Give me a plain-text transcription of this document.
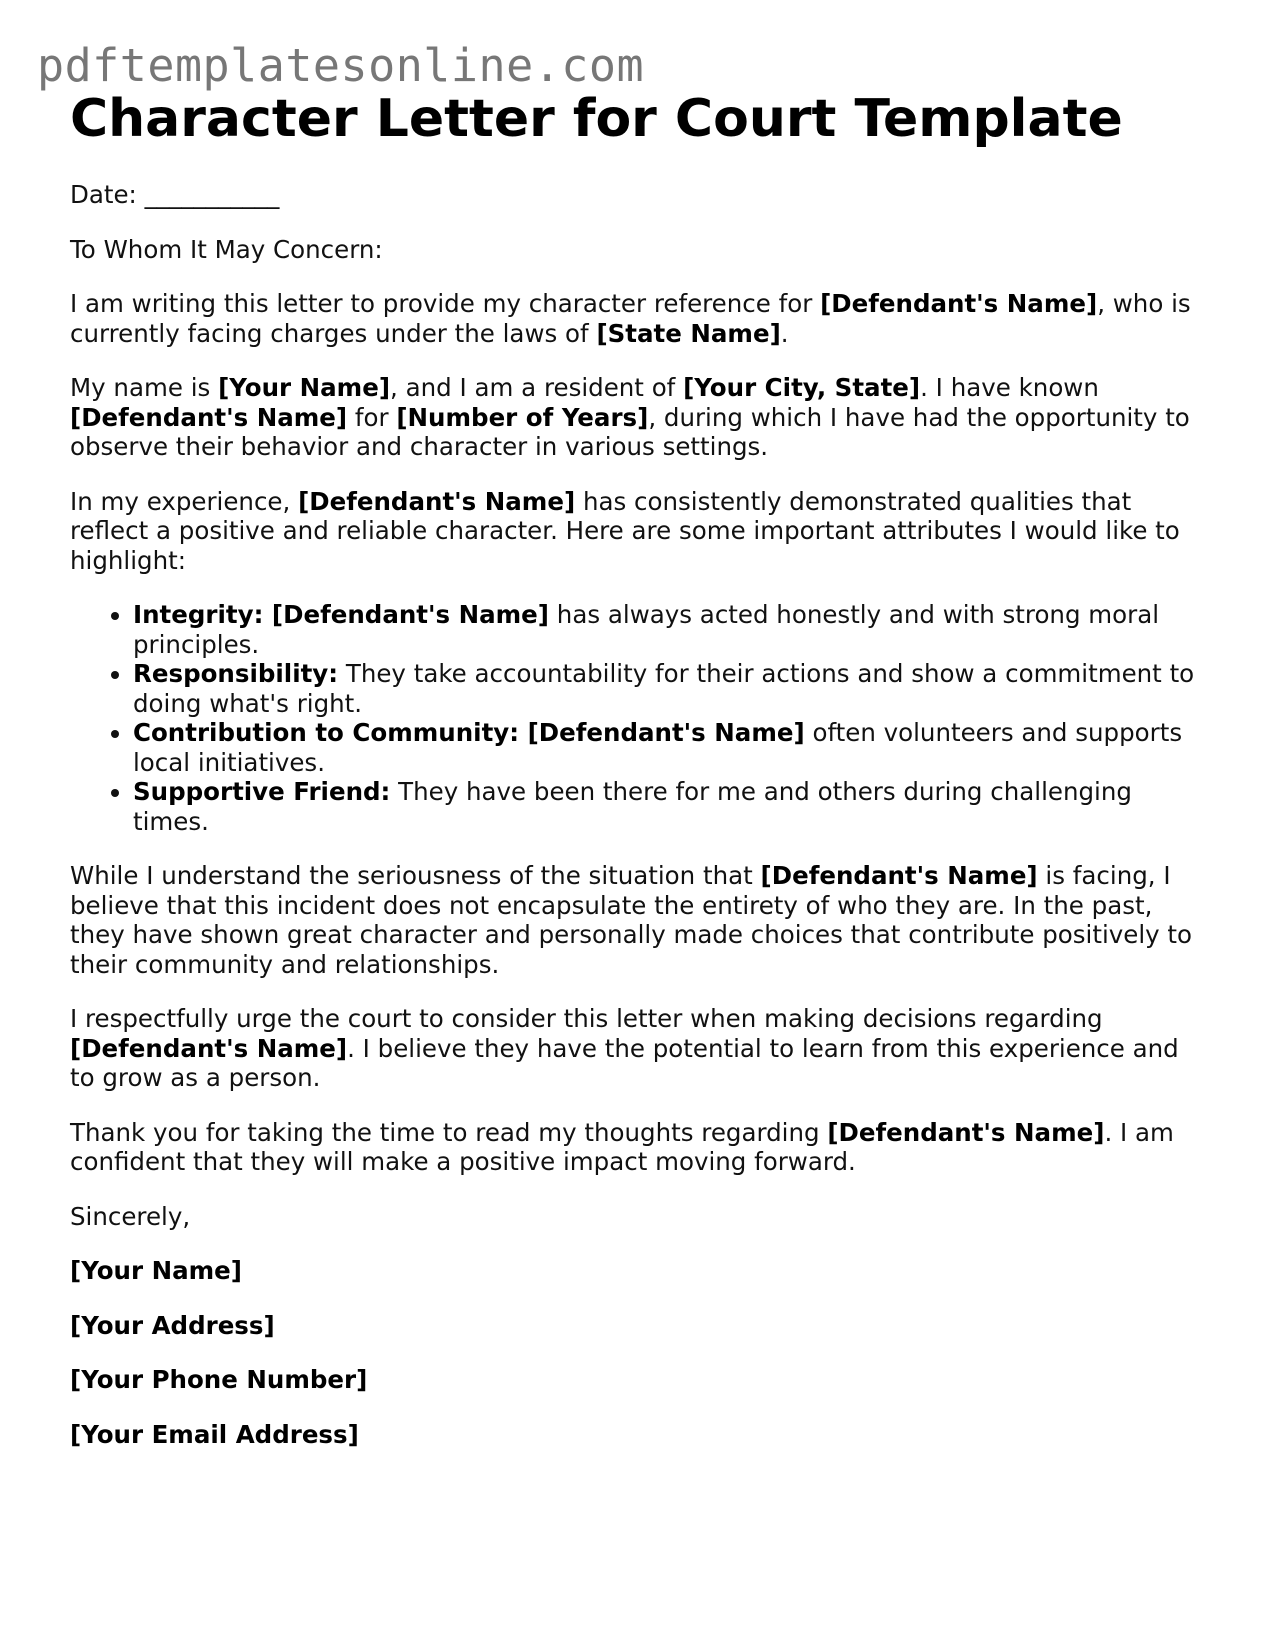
pdftemplatesonline.com
Character Letter for Court Template

Date: ___________

To Whom It May Concern:

I am writing this letter to provide my character reference for [Defendant's Name], who is currently facing charges under the laws of [State Name].

My name is [Your Name], and I am a resident of [Your City, State]. I have known [Defendant's Name] for [Number of Years], during which I have had the opportunity to observe their behavior and character in various settings.

In my experience, [Defendant's Name] has consistently demonstrated qualities that reflect a positive and reliable character. Here are some important attributes I would like to highlight:

• Integrity: [Defendant's Name] has always acted honestly and with strong moral principles.
• Responsibility: They take accountability for their actions and show a commitment to doing what's right.
• Contribution to Community: [Defendant's Name] often volunteers and supports local initiatives.
• Supportive Friend: They have been there for me and others during challenging times.

While I understand the seriousness of the situation that [Defendant's Name] is facing, I believe that this incident does not encapsulate the entirety of who they are. In the past, they have shown great character and personally made choices that contribute positively to their community and relationships.

I respectfully urge the court to consider this letter when making decisions regarding [Defendant's Name]. I believe they have the potential to learn from this experience and to grow as a person.

Thank you for taking the time to read my thoughts regarding [Defendant's Name]. I am confident that they will make a positive impact moving forward.

Sincerely,

[Your Name]

[Your Address]

[Your Phone Number]

[Your Email Address]
